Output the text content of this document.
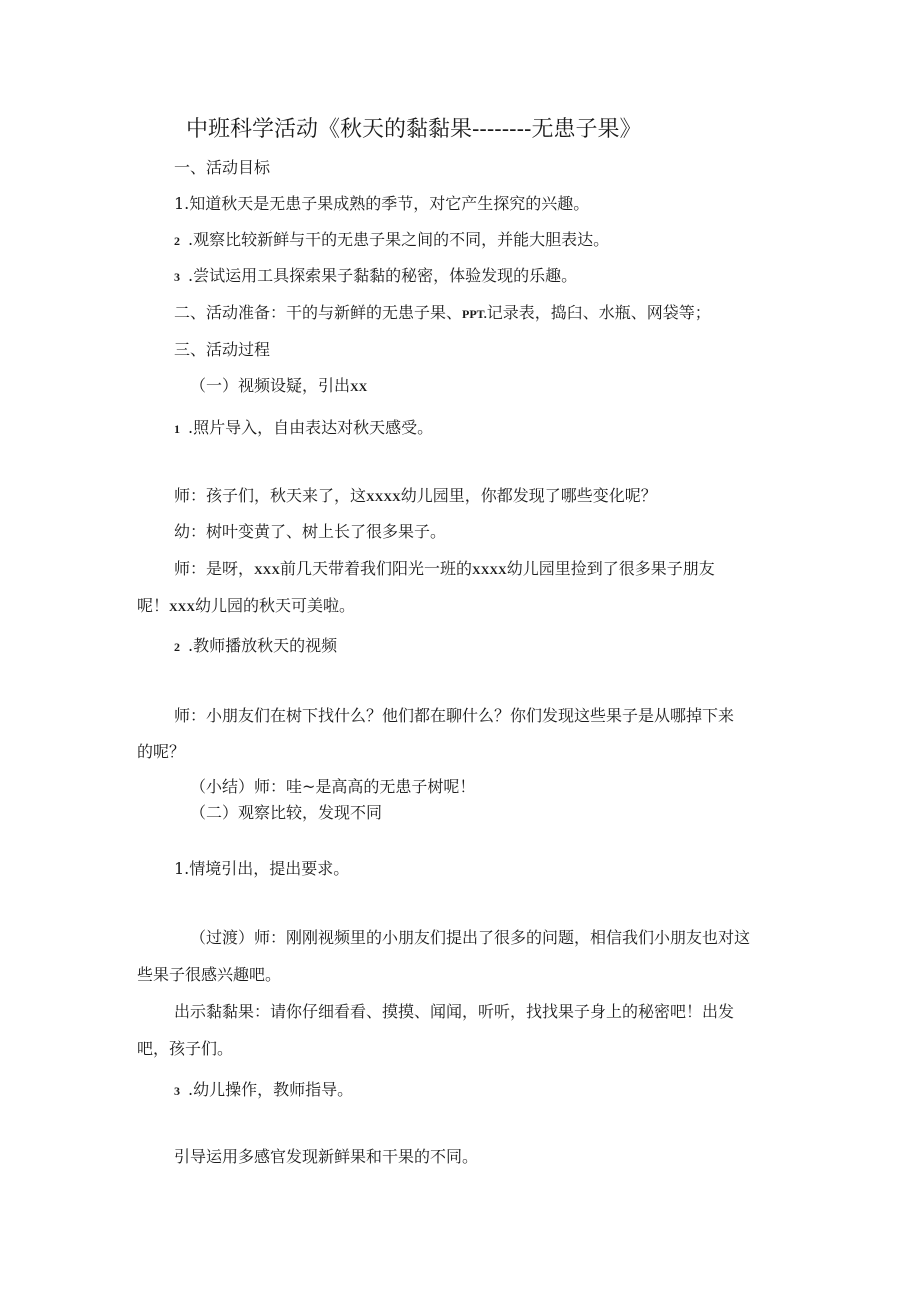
中班科学活动《秋天的黏黏果--------无患子果》

一、活动目标

1.知道秋天是无患子果成熟的季节，对它产生探究的兴趣。

2 .观察比较新鲜与干的无患子果之间的不同，并能大胆表达。

3 .尝试运用工具探索果子黏黏的秘密，体验发现的乐趣。

二、活动准备：干的与新鲜的无患子果、PPT.记录表，捣臼、水瓶、网袋等；

三、活动过程

（一）视频设疑，引出XX

1 .照片导入，自由表达对秋天感受。

师：孩子们，秋天来了，这XXXX幼儿园里，你都发现了哪些变化呢？

幼：树叶变黄了、树上长了很多果子。

师：是呀，XXX前几天带着我们阳光一班的XXXX幼儿园里捡到了很多果子朋友

呢！XXX幼儿园的秋天可美啦。

2 .教师播放秋天的视频

师：小朋友们在树下找什么？他们都在聊什么？你们发现这些果子是从哪掉下来

的呢？

（小结）师：哇~是高高的无患子树呢！

（二）观察比较，发现不同

1.情境引出，提出要求。

（过渡）师：刚刚视频里的小朋友们提出了很多的问题，相信我们小朋友也对这

些果子很感兴趣吧。

出示黏黏果：请你仔细看看、摸摸、闻闻，听听，找找果子身上的秘密吧！出发

吧，孩子们。

3 .幼儿操作，教师指导。

引导运用多感官发现新鲜果和干果的不同。
